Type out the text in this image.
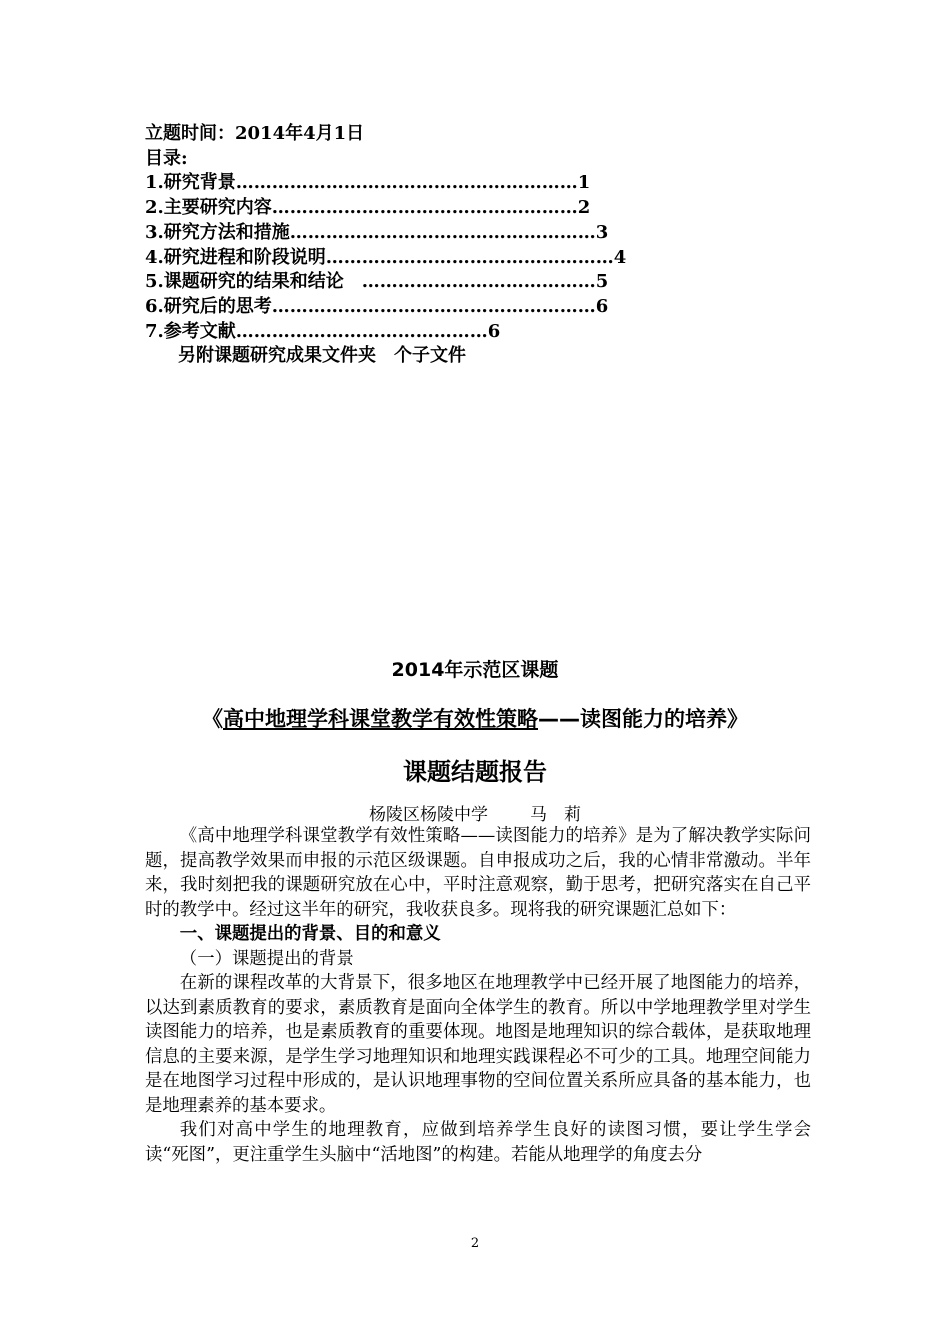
立题时间：2014年4月1日
目录:
1.研究背景…………………………………………………1
2.主要研究内容……………………………………………2
3.研究方法和措施……………………………………………3
4.研究进程和阶段说明…………………………………………4
5.课题研究的结果和结论　…………………………………5
6.研究后的思考………………………………………………6
7.参考文献……………………………………6
另附课题研究成果文件夹　个子文件
2014年示范区课题
《高中地理学科课堂教学有效性策略——读图能力的培养》
课题结题报告
杨陵区杨陵中学 马　莉

《高中地理学科课堂教学有效性策略——读图能力的培养》是为了解决教学实际问题，提高教学效果而申报的示范区级课题。自申报成功之后，我的心情非常激动。半年来，我时刻把我的课题研究放在心中，平时注意观察，勤于思考，把研究落实在自己平时的教学中。经过这半年的研究，我收获良多。现将我的研究课题汇总如下：

一、课题提出的背景、目的和意义

（一）课题提出的背景

在新的课程改革的大背景下，很多地区在地理教学中已经开展了地图能力的培养，以达到素质教育的要求，素质教育是面向全体学生的教育。所以中学地理教学里对学生读图能力的培养，也是素质教育的重要体现。地图是地理知识的综合载体，是获取地理信息的主要来源，是学生学习地理知识和地理实践课程必不可少的工具。地理空间能力是在地图学习过程中形成的，是认识地理事物的空间位置关系所应具备的基本能力，也是地理素养的基本要求。

我们对高中学生的地理教育，应做到培养学生良好的读图习惯，要让学生学会读“死图”，更注重学生头脑中“活地图”的构建。若能从地理学的角度去分

2
